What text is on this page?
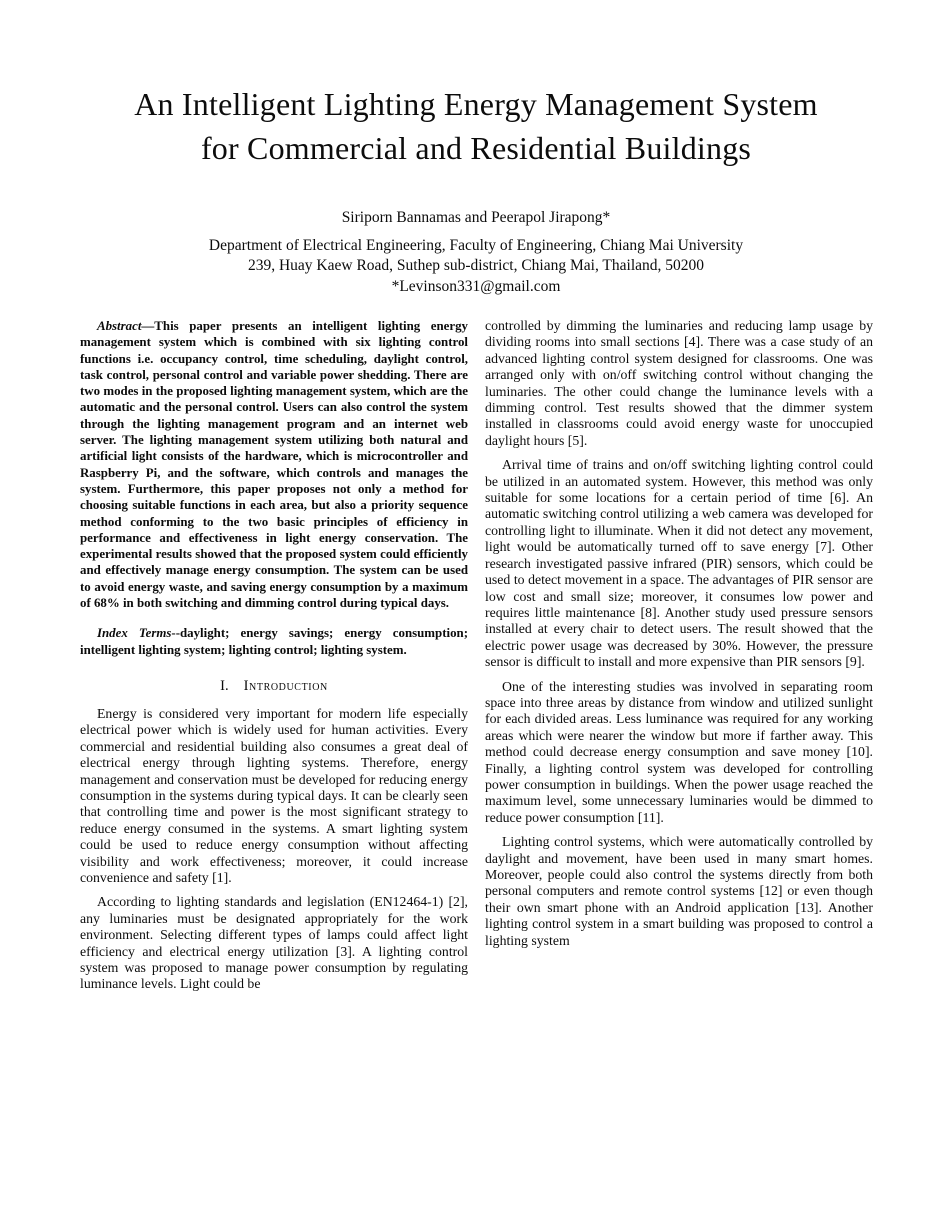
An Intelligent Lighting Energy Management System
for Commercial and Residential Buildings
Siriporn Bannamas and Peerapol Jirapong*
Department of Electrical Engineering, Faculty of Engineering, Chiang Mai University
239, Huay Kaew Road, Suthep sub-district, Chiang Mai, Thailand, 50200
*Levinson331@gmail.com

Abstract—This paper presents an intelligent lighting energy management system which is combined with six lighting control functions i.e. occupancy control, time scheduling, daylight control, task control, personal control and variable power shedding. There are two modes in the proposed lighting management system, which are the automatic and the personal control. Users can also control the system through the lighting management program and an internet web server. The lighting management system utilizing both natural and artificial light consists of the hardware, which is microcontroller and Raspberry Pi, and the software, which controls and manages the system. Furthermore, this paper proposes not only a method for choosing suitable functions in each area, but also a priority sequence method conforming to the two basic principles of efficiency in performance and effectiveness in light energy conservation. The experimental results showed that the proposed system could efficiently and effectively manage energy consumption. The system can be used to avoid energy waste, and saving energy consumption by a maximum of 68% in both switching and dimming control during typical days.

Index Terms--daylight; energy savings; energy consumption; intelligent lighting system; lighting control; lighting system.

I. Introduction

Energy is considered very important for modern life especially electrical power which is widely used for human activities. Every commercial and residential building also consumes a great deal of electrical energy through lighting systems. Therefore, energy management and conservation must be developed for reducing energy consumption in the systems during typical days. It can be clearly seen that controlling time and power is the most significant strategy to reduce energy consumed in the systems. A smart lighting system could be used to reduce energy consumption without affecting visibility and work effectiveness; moreover, it could increase convenience and safety [1].

According to lighting standards and legislation (EN12464-1) [2], any luminaries must be designated appropriately for the work environment. Selecting different types of lamps could affect light efficiency and electrical energy utilization [3]. A lighting control system was proposed to manage power consumption by regulating luminance levels. Light could be

controlled by dimming the luminaries and reducing lamp usage by dividing rooms into small sections [4]. There was a case study of an advanced lighting control system designed for classrooms. One was arranged only with on/off switching control without changing the luminaries. The other could change the luminance levels with a dimming control. Test results showed that the dimmer system installed in classrooms could avoid energy waste for unoccupied daylight hours [5].

Arrival time of trains and on/off switching lighting control could be utilized in an automated system. However, this method was only suitable for some locations for a certain period of time [6]. An automatic switching control utilizing a web camera was developed for controlling light to illuminate. When it did not detect any movement, light would be automatically turned off to save energy [7]. Other research investigated passive infrared (PIR) sensors, which could be used to detect movement in a space. The advantages of PIR sensor are low cost and small size; moreover, it consumes low power and requires little maintenance [8]. Another study used pressure sensors installed at every chair to detect users. The result showed that the electric power usage was decreased by 30%. However, the pressure sensor is difficult to install and more expensive than PIR sensors [9].

One of the interesting studies was involved in separating room space into three areas by distance from window and utilized sunlight for each divided areas. Less luminance was required for any working areas which were nearer the window but more if farther away. This method could decrease energy consumption and save money [10]. Finally, a lighting control system was developed for controlling power consumption in buildings. When the power usage reached the maximum level, some unnecessary luminaries would be dimmed to reduce power consumption [11].

Lighting control systems, which were automatically controlled by daylight and movement, have been used in many smart homes. Moreover, people could also control the systems directly from both personal computers and remote control systems [12] or even though their own smart phone with an Android application [13]. Another lighting control system in a smart building was proposed to control a lighting system
